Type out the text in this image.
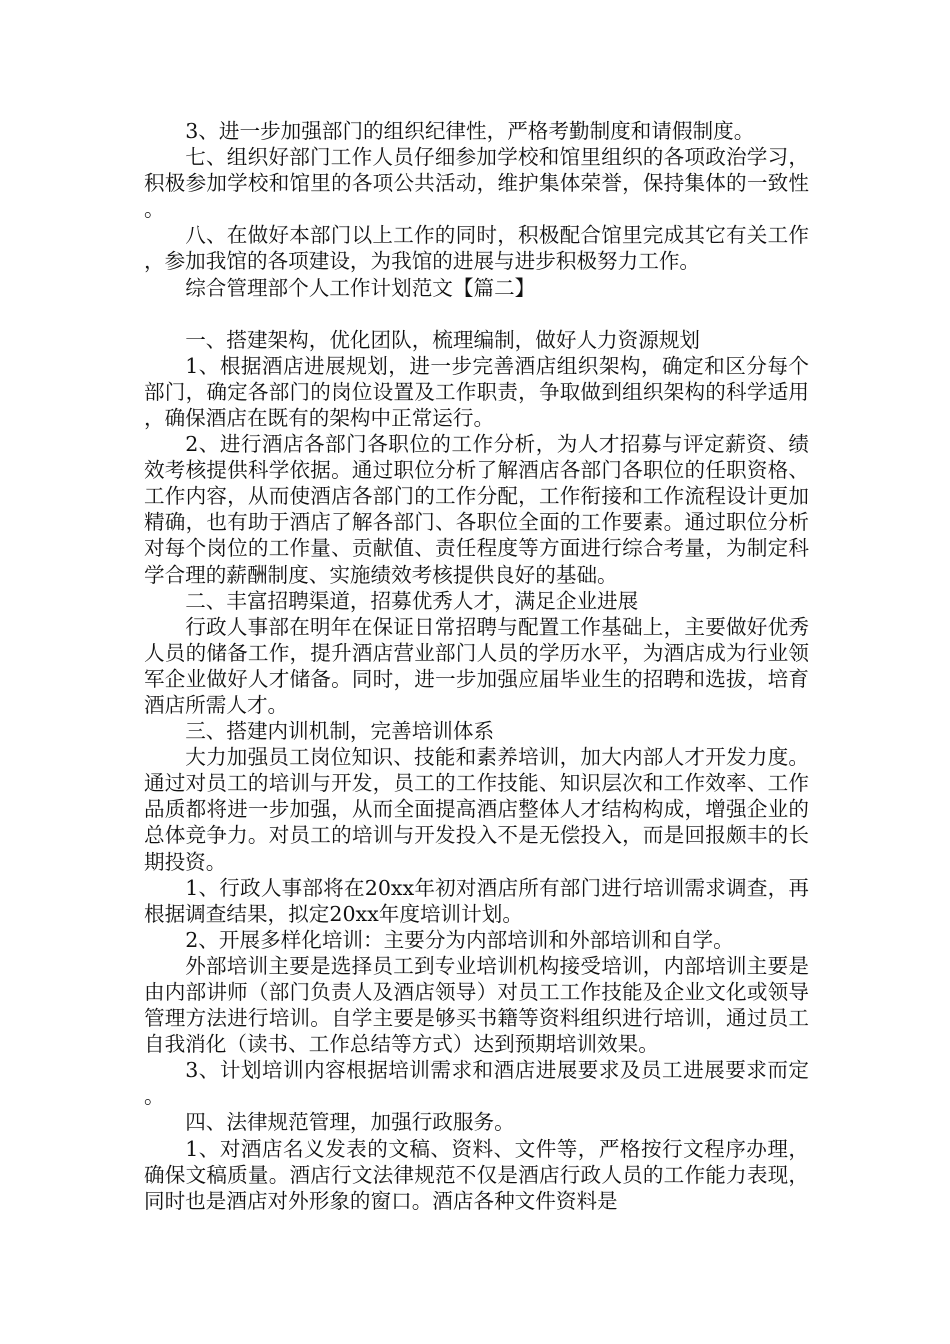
3、进一步加强部门的组织纪律性，严格考勤制度和请假制度。

七、组织好部门工作人员仔细参加学校和馆里组织的各项政治学习，积极参加学校和馆里的各项公共活动，维护集体荣誉，保持集体的一致性。

八、在做好本部门以上工作的同时，积极配合馆里完成其它有关工作，参加我馆的各项建设，为我馆的进展与进步积极努力工作。

综合管理部个人工作计划范文【篇二】

一、搭建架构，优化团队，梳理编制，做好人力资源规划

1、根据酒店进展规划，进一步完善酒店组织架构，确定和区分每个部门，确定各部门的岗位设置及工作职责，争取做到组织架构的科学适用，确保酒店在既有的架构中正常运行。

2、进行酒店各部门各职位的工作分析，为人才招募与评定薪资、绩效考核提供科学依据。通过职位分析了解酒店各部门各职位的任职资格、工作内容，从而使酒店各部门的工作分配，工作衔接和工作流程设计更加精确，也有助于酒店了解各部门、各职位全面的工作要素。通过职位分析对每个岗位的工作量、贡献值、责任程度等方面进行综合考量，为制定科学合理的薪酬制度、实施绩效考核提供良好的基础。

二、丰富招聘渠道，招募优秀人才，满足企业进展

行政人事部在明年在保证日常招聘与配置工作基础上，主要做好优秀人员的储备工作，提升酒店营业部门人员的学历水平，为酒店成为行业领军企业做好人才储备。同时，进一步加强应届毕业生的招聘和选拔，培育酒店所需人才。

三、搭建内训机制，完善培训体系

大力加强员工岗位知识、技能和素养培训，加大内部人才开发力度。通过对员工的培训与开发，员工的工作技能、知识层次和工作效率、工作品质都将进一步加强，从而全面提高酒店整体人才结构构成，增强企业的总体竞争力。对员工的培训与开发投入不是无偿投入，而是回报颇丰的长期投资。

1、行政人事部将在20xx年初对酒店所有部门进行培训需求调查，再根据调查结果，拟定20xx年度培训计划。

2、开展多样化培训：主要分为内部培训和外部培训和自学。

外部培训主要是选择员工到专业培训机构接受培训，内部培训主要是由内部讲师（部门负责人及酒店领导）对员工工作技能及企业文化或领导管理方法进行培训。自学主要是够买书籍等资料组织进行培训，通过员工自我消化（读书、工作总结等方式）达到预期培训效果。

3、计划培训内容根据培训需求和酒店进展要求及员工进展要求而定。

四、法律规范管理，加强行政服务。

1、对酒店名义发表的文稿、资料、文件等，严格按行文程序办理，确保文稿质量。酒店行文法律规范不仅是酒店行政人员的工作能力表现，同时也是酒店对外形象的窗口。酒店各种文件资料是
